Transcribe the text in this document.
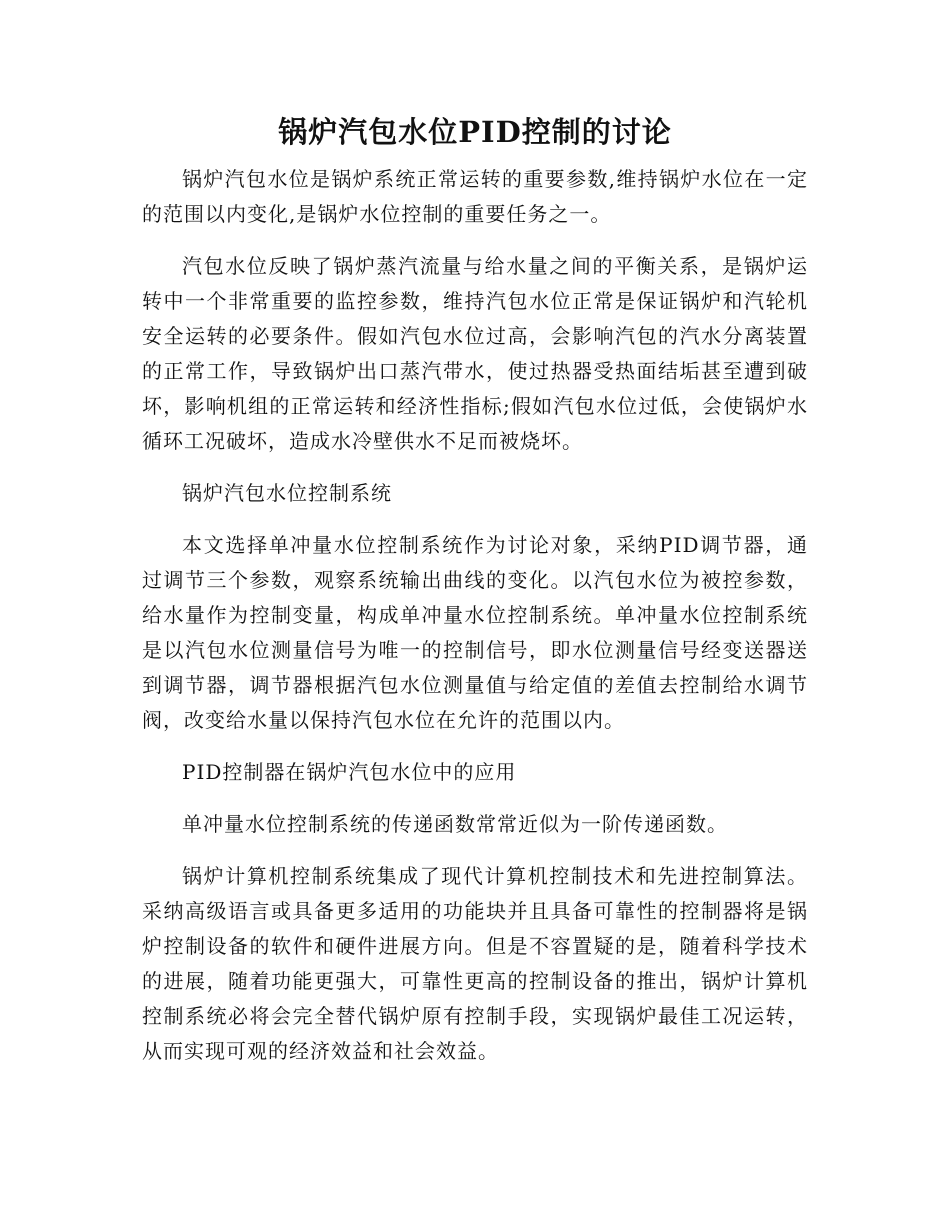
锅炉汽包水位PID控制的讨论

锅炉汽包水位是锅炉系统正常运转的重要参数,维持锅炉水位在一定的范围以内变化,是锅炉水位控制的重要任务之一。

汽包水位反映了锅炉蒸汽流量与给水量之间的平衡关系，是锅炉运转中一个非常重要的监控参数，维持汽包水位正常是保证锅炉和汽轮机安全运转的必要条件。假如汽包水位过高，会影响汽包的汽水分离装置的正常工作，导致锅炉出口蒸汽带水，使过热器受热面结垢甚至遭到破坏，影响机组的正常运转和经济性指标;假如汽包水位过低，会使锅炉水循环工况破坏，造成水冷壁供水不足而被烧坏。

锅炉汽包水位控制系统

本文选择单冲量水位控制系统作为讨论对象，采纳PID调节器，通过调节三个参数，观察系统输出曲线的变化。以汽包水位为被控参数，给水量作为控制变量，构成单冲量水位控制系统。单冲量水位控制系统是以汽包水位测量信号为唯一的控制信号，即水位测量信号经变送器送到调节器，调节器根据汽包水位测量值与给定值的差值去控制给水调节阀，改变给水量以保持汽包水位在允许的范围以内。

PID控制器在锅炉汽包水位中的应用

单冲量水位控制系统的传递函数常常近似为一阶传递函数。

锅炉计算机控制系统集成了现代计算机控制技术和先进控制算法。采纳高级语言或具备更多适用的功能块并且具备可靠性的控制器将是锅炉控制设备的软件和硬件进展方向。但是不容置疑的是，随着科学技术的进展，随着功能更强大，可靠性更高的控制设备的推出，锅炉计算机控制系统必将会完全替代锅炉原有控制手段，实现锅炉最佳工况运转，从而实现可观的经济效益和社会效益。
